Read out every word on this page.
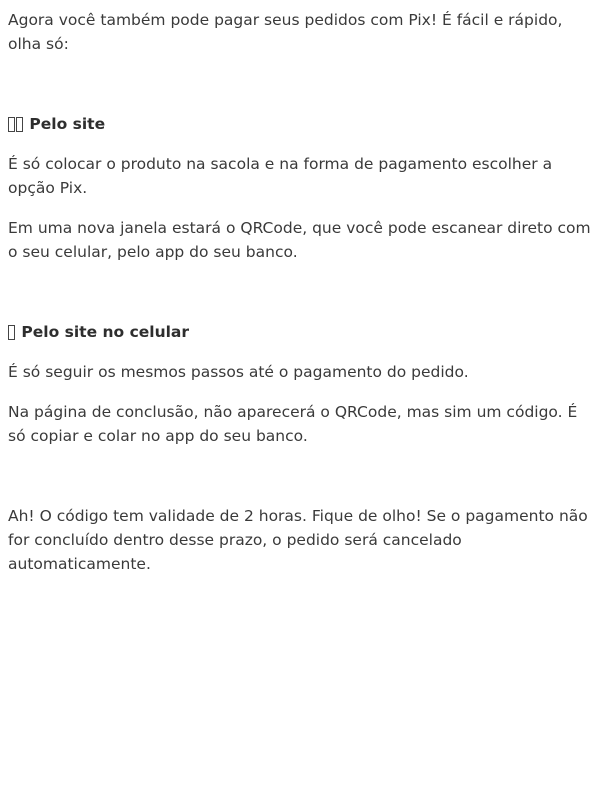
Agora você também pode pagar seus pedidos com Pix! É fácil e rápido, olha só:

Pelo site

É só colocar o produto na sacola e na forma de pagamento escolher a opção Pix.

Em uma nova janela estará o QRCode, que você pode escanear direto com o seu celular, pelo app do seu banco.

Pelo site no celular

É só seguir os mesmos passos até o pagamento do pedido.

Na página de conclusão, não aparecerá o QRCode, mas sim um código. É só copiar e colar no app do seu banco.

Ah! O código tem validade de 2 horas. Fique de olho! Se o pagamento não for concluído dentro desse prazo, o pedido será cancelado automaticamente.
